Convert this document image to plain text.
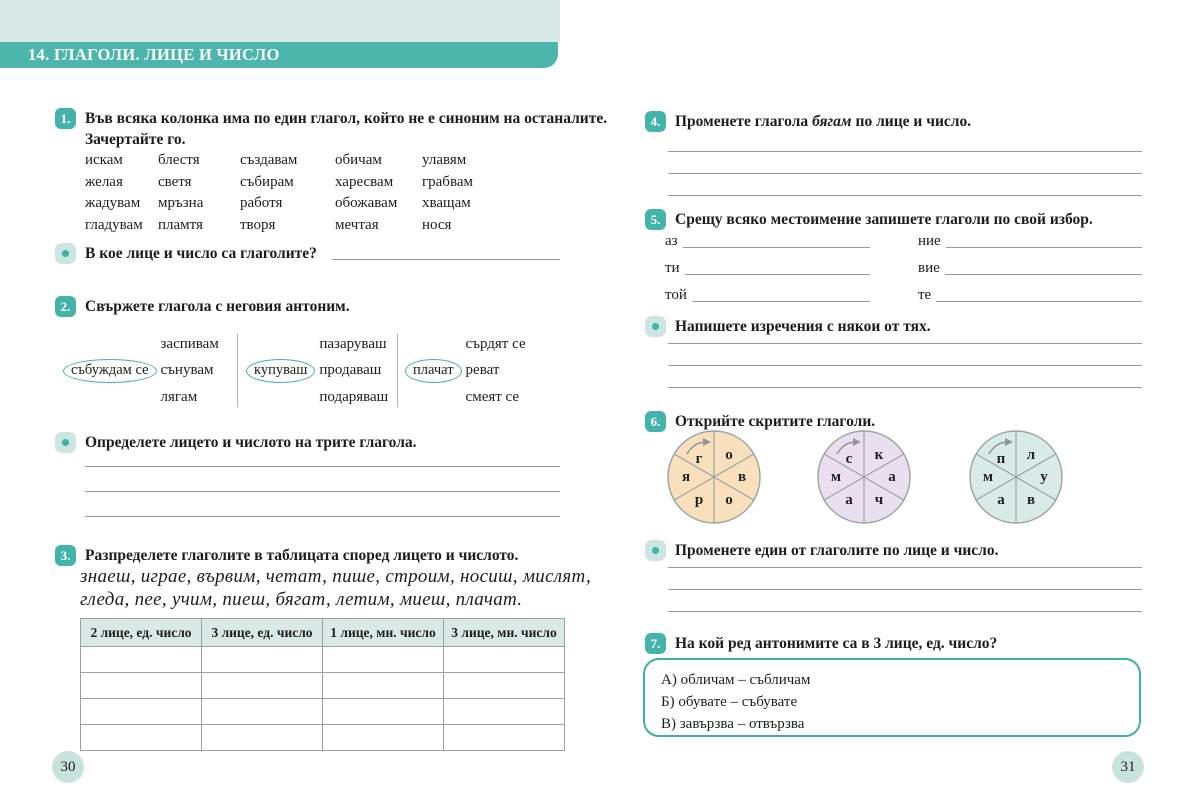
14. ГЛАГОЛИ. ЛИЦЕ И ЧИСЛО
1. Във всяка колонка има по един глагол, който не е синоним на останалите.
Зачертайте го.
искам	блестя	създавам	обичам	улавям
желая	светя	събирам	харесвам	грабвам
жадувам	мръзна	работя	обожавам	хващам
гладувам	пламтя	творя	мечтая	нося
В кое лице и число са глаголите?
2. Свържете глагола с неговия антоним.
събуждам се
заспивам
сънувам
лягам
купуваш
пазаруваш
продаваш
подаряваш
плачат
сърдят се
реват
смеят се
Определете лицето и числото на трите глагола.
3. Разпределете глаголите в таблицата според лицето и числото.
знаеш, играе, вървим, четат, пише, строим, носиш, мислят,
гледа, пее, учим, пиеш, бягат, летим, миеш, плачат.
2 лице, ед. число	3 лице, ед. число	1 лице, мн. число	3 лице, мн. число

30
4. Променете глагола бягам по лице и число.
5. Срещу всяко местоимение запишете глаголи по свой избор.
аз
ти
той
ние
вие
те
Напишете изречения с някои от тях.
6. Открийте скритите глаголи.
г о
в
о
р
я
с к
а
ч
а
м
п л
у
в
а
м
Променете един от глаголите по лице и число.
7. На кой ред антонимите са в 3 лице, ед. число?
А) обличам – събличам
Б) обувате – събувате
В) завързва – отвързва
31
